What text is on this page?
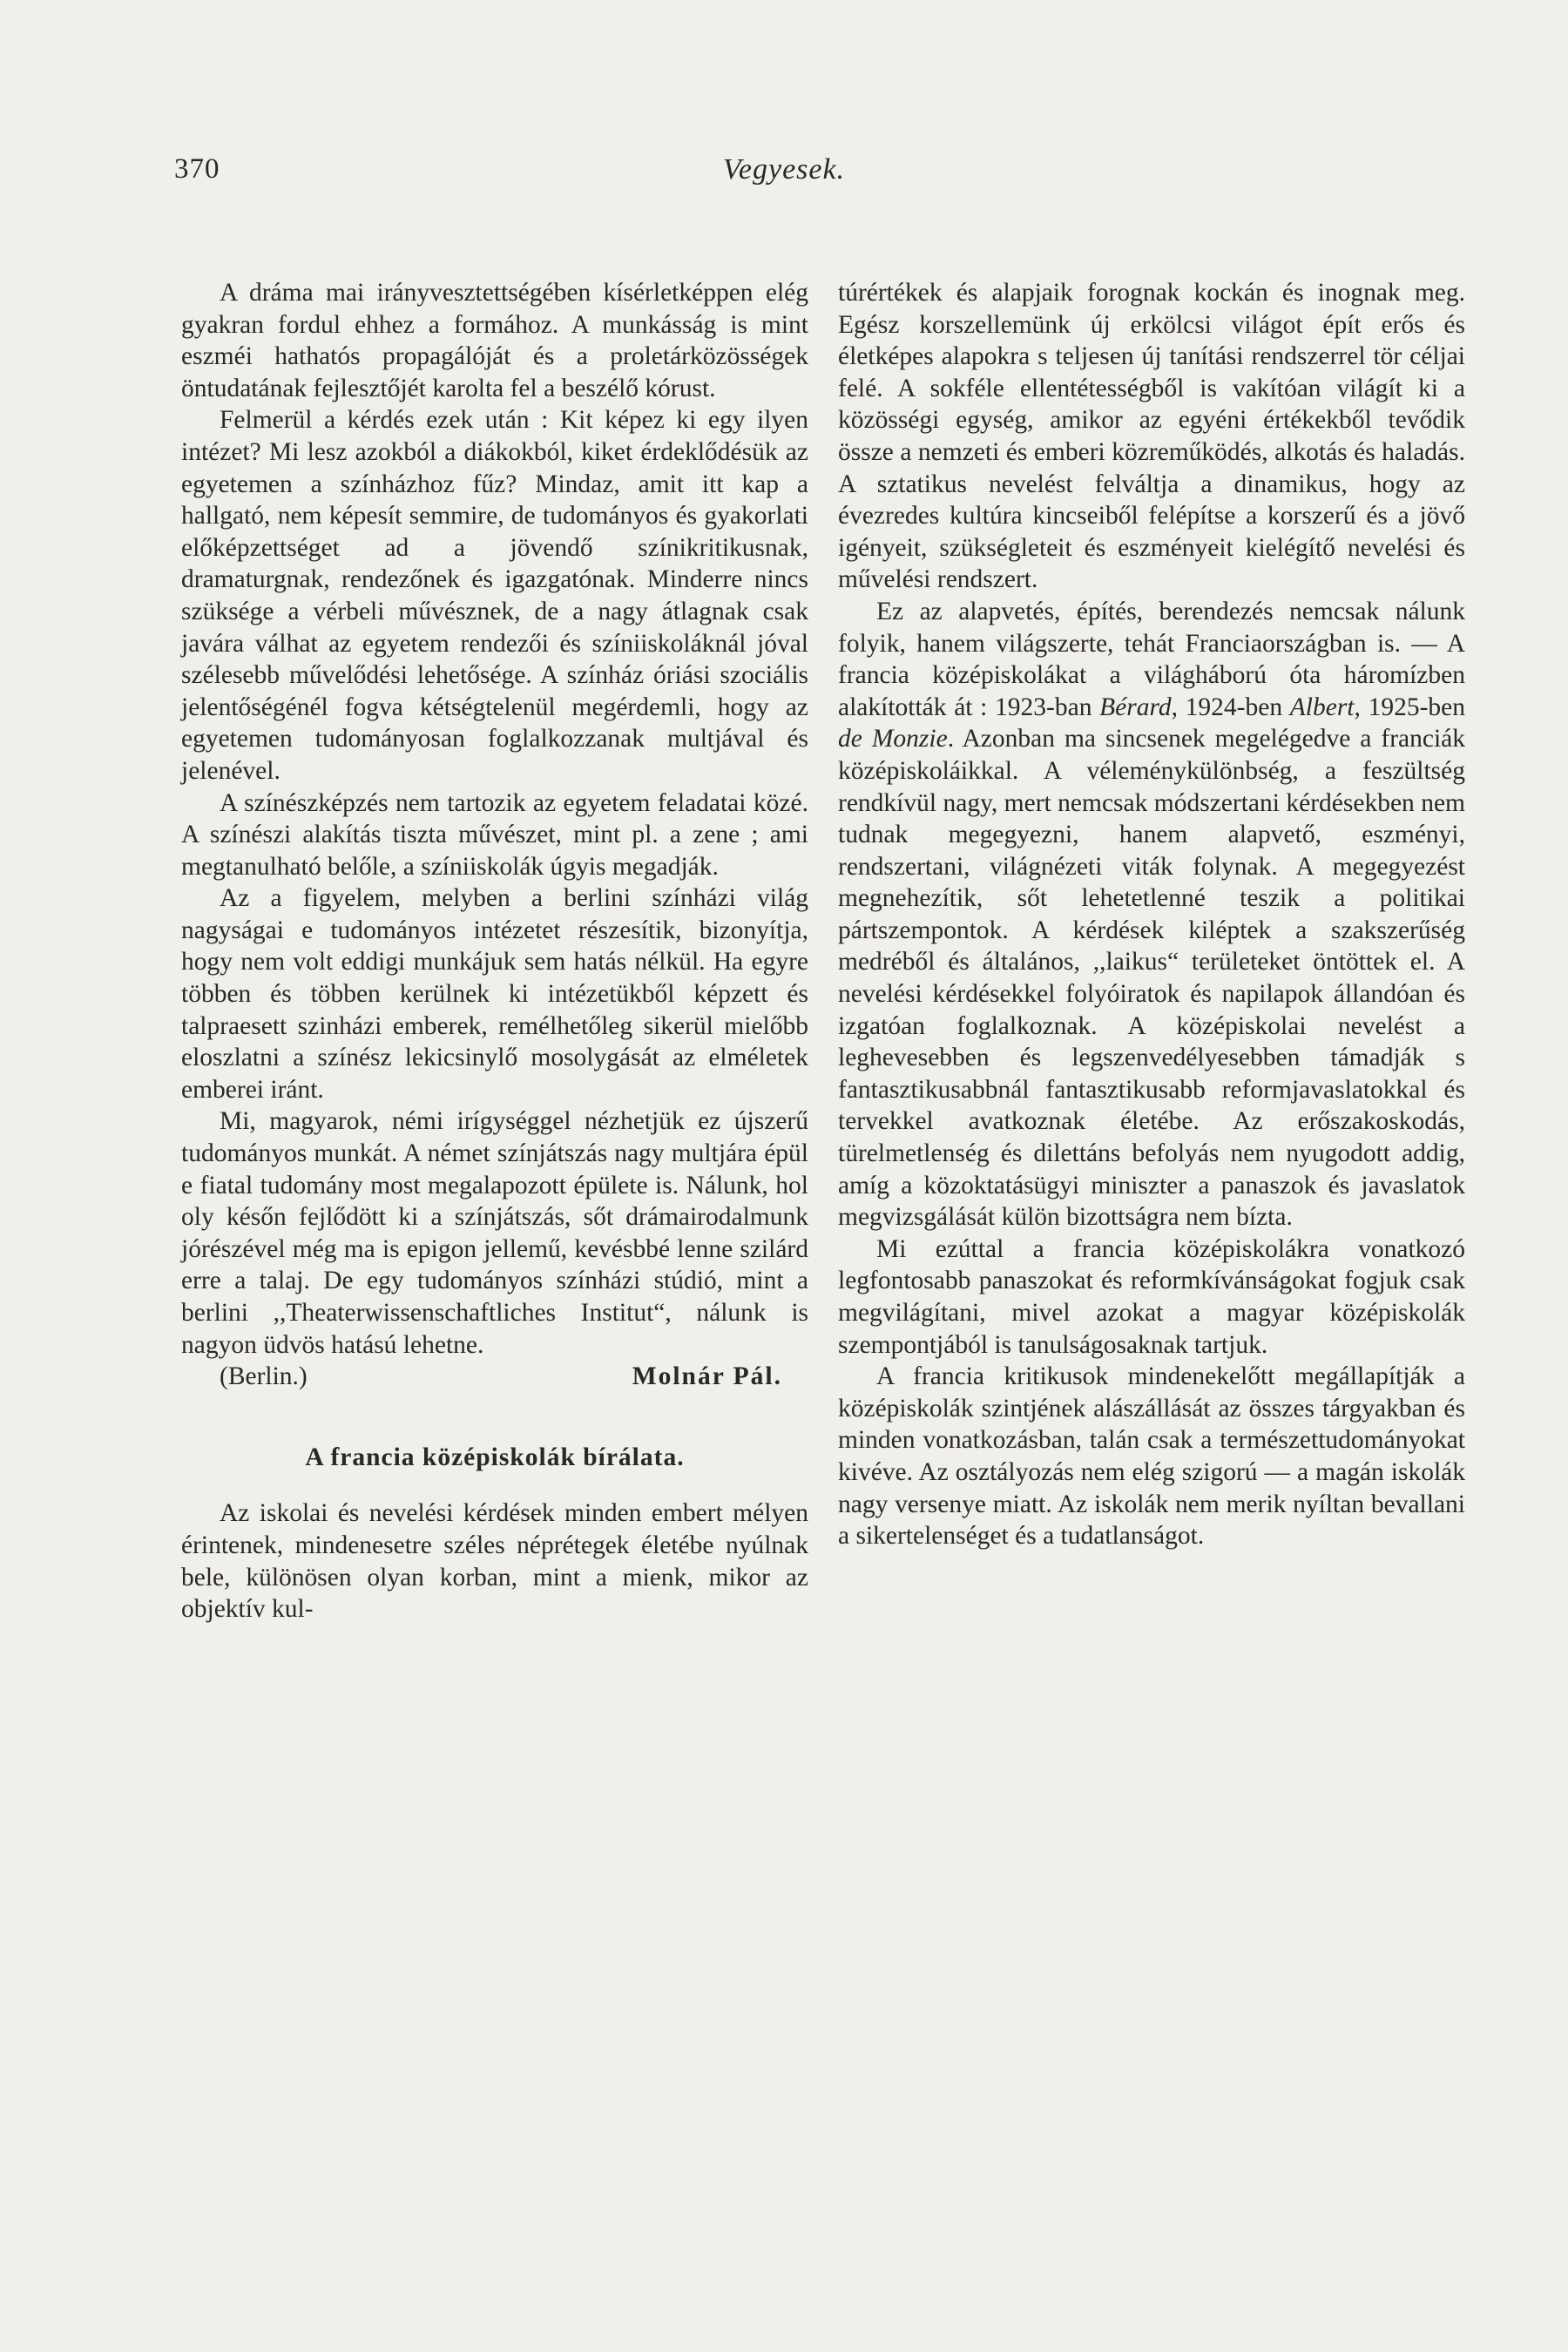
370	Vegyesek.

A dráma mai irányvesztettségében kísérletképpen elég gyakran fordul ehhez a formához. A munkásság is mint eszméi hathatós propagálóját és a proletárközösségek öntudatának fejlesztőjét karolta fel a beszélő kórust.

Felmerül a kérdés ezek után : Kit képez ki egy ilyen intézet? Mi lesz azokból a diákokból, kiket érdeklődésük az egyetemen a színházhoz fűz? Mindaz, amit itt kap a hallgató, nem képesít semmire, de tudományos és gyakorlati előképzettséget ad a jövendő színikritikusnak, dramaturgnak, rendezőnek és igazgatónak. Minderre nincs szüksége a vérbeli művésznek, de a nagy átlagnak csak javára válhat az egyetem rendezői és színiiskoláknál jóval szélesebb művelődési lehetősége. A színház óriási szociális jelentőségénél fogva kétségtelenül megérdemli, hogy az egyetemen tudományosan foglalkozzanak multjával és jelenével.

A színészképzés nem tartozik az egyetem feladatai közé. A színészi alakítás tiszta művészet, mint pl. a zene ; ami megtanulható belőle, a színiiskolák úgyis megadják.

Az a figyelem, melyben a berlini színházi világ nagyságai e tudományos intézetet részesítik, bizonyítja, hogy nem volt eddigi munkájuk sem hatás nélkül. Ha egyre többen és többen kerülnek ki intézetükből képzett és talpraesett szinházi emberek, remélhetőleg sikerül mielőbb eloszlatni a színész lekicsinylő mosolygását az elméletek emberei iránt.

Mi, magyarok, némi irígységgel nézhetjük ez újszerű tudományos munkát. A német színjátszás nagy multjára épül e fiatal tudomány most megalapozott épülete is. Nálunk, hol oly későn fejlődött ki a színjátszás, sőt drámairodalmunk jórészével még ma is epigon jellemű, kevésbbé lenne szilárd erre a talaj. De egy tudományos színházi stúdió, mint a berlini ,,Theaterwissenschaftliches Institut“, nálunk is nagyon üdvös hatású lehetne.

(Berlin.)	Molnár Pál.
A francia középiskolák bírálata.

Az iskolai és nevelési kérdések minden embert mélyen érintenek, mindenesetre széles néprétegek életébe nyúlnak bele, különösen olyan korban, mint a mienk, mikor az objektív kul-

túrértékek és alapjaik forognak kockán és inognak meg. Egész korszellemünk új erkölcsi világot épít erős és életképes alapokra s teljesen új tanítási rendszerrel tör céljai felé. A sokféle ellentétességből is vakítóan világít ki a közösségi egység, amikor az egyéni értékekből tevődik össze a nemzeti és emberi közreműködés, alkotás és haladás. A sztatikus nevelést felváltja a dinamikus, hogy az évezredes kultúra kincseiből felépítse a korszerű és a jövő igényeit, szükségleteit és eszményeit kielégítő nevelési és művelési rendszert.

Ez az alapvetés, építés, berendezés nemcsak nálunk folyik, hanem világszerte, tehát Franciaországban is. — A francia középiskolákat a világháború óta háromízben alakították át : 1923-ban Bérard, 1924-ben Albert, 1925-ben de Monzie. Azonban ma sincsenek megelégedve a franciák középiskoláikkal. A véleménykülönbség, a feszültség rendkívül nagy, mert nemcsak módszertani kérdésekben nem tudnak megegyezni, hanem alapvető, eszményi, rendszertani, világnézeti viták folynak. A megegyezést megnehezítik, sőt lehetetlenné teszik a politikai pártszempontok. A kérdések kiléptek a szakszerűség medréből és általános, ,,laikus“ területeket öntöttek el. A nevelési kérdésekkel folyóiratok és napilapok állandóan és izgatóan foglalkoznak. A középiskolai nevelést a leghevesebben és legszenvedélyesebben támadják s fantasztikusabbnál fantasztikusabb reformjavaslatokkal és tervekkel avatkoznak életébe. Az erőszakoskodás, türelmetlenség és dilettáns befolyás nem nyugodott addig, amíg a közoktatásügyi miniszter a panaszok és javaslatok megvizsgálását külön bizottságra nem bízta.

Mi ezúttal a francia középiskolákra vonatkozó legfontosabb panaszokat és reformkívánságokat fogjuk csak megvilágítani, mivel azokat a magyar középiskolák szempontjából is tanulságosaknak tartjuk.

A francia kritikusok mindenekelőtt megállapítják a középiskolák szintjének alászállását az összes tárgyakban és minden vonatkozásban, talán csak a természettudományokat kivéve. Az osztályozás nem elég szigorú — a magán iskolák nagy versenye miatt. Az iskolák nem merik nyíltan bevallani a sikertelenséget és a tudatlanságot.
